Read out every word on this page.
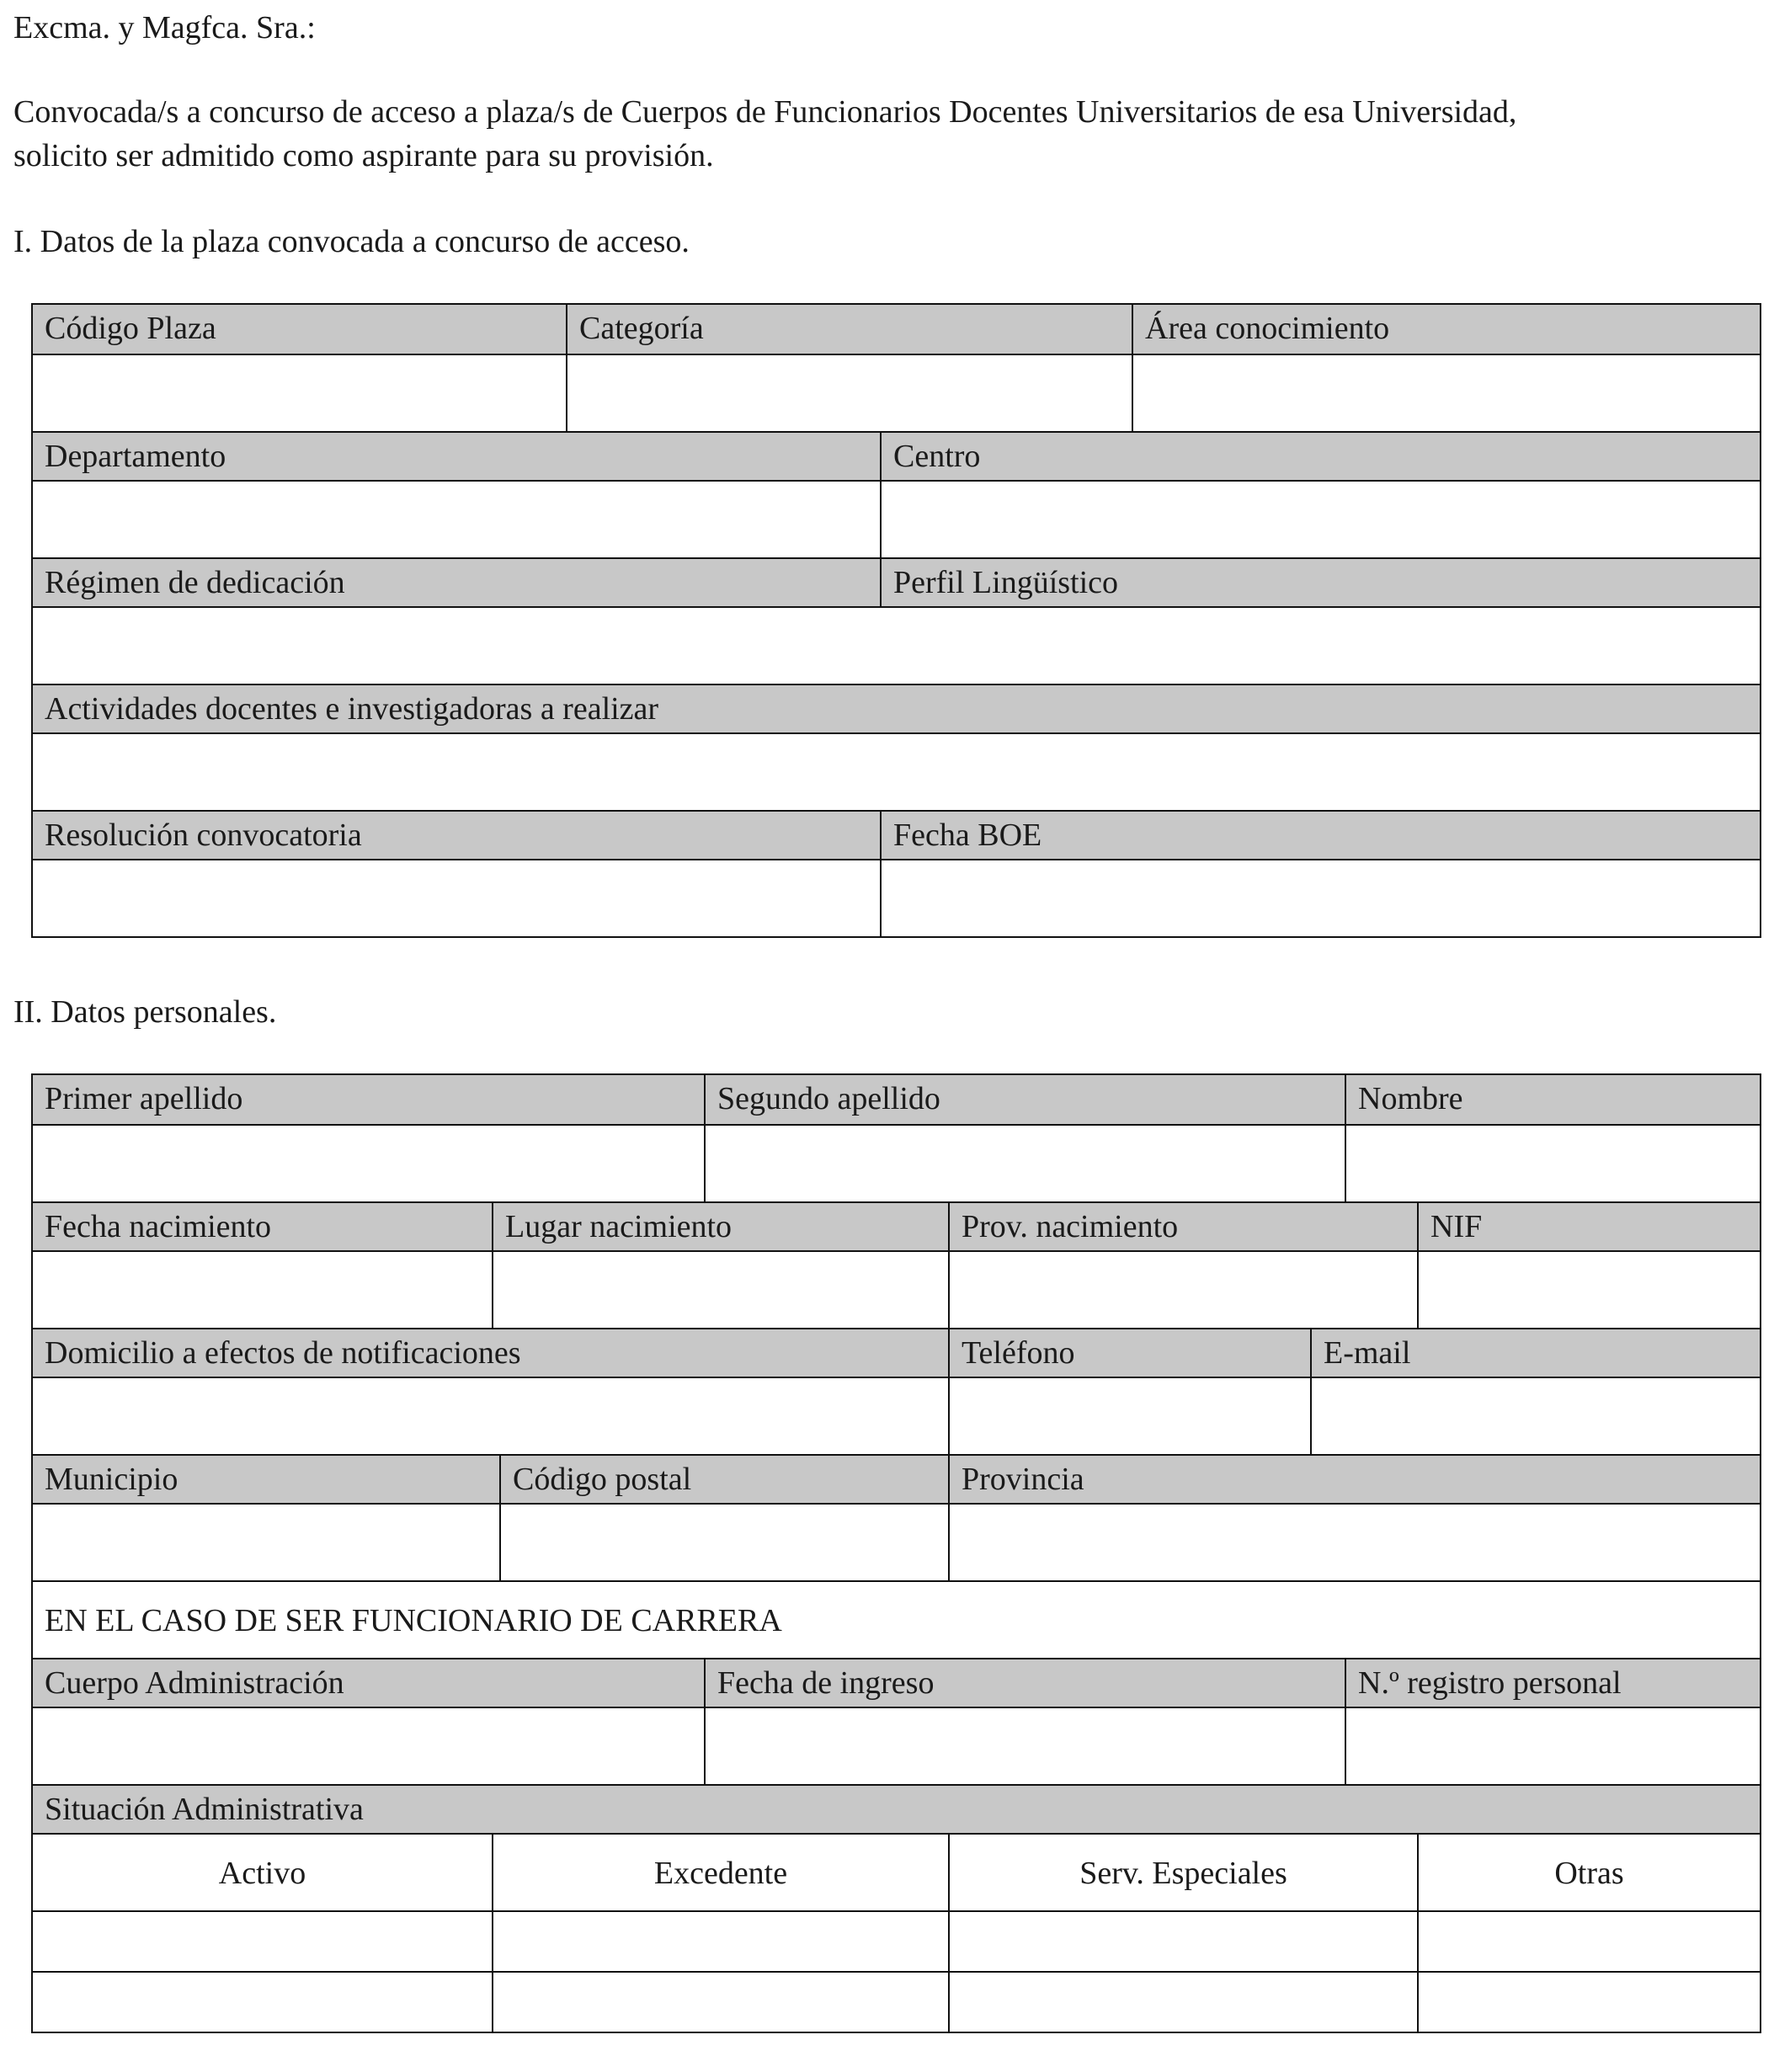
Excma. y Magfca. Sra.:
Convocada/s a concurso de acceso a plaza/s de Cuerpos de Funcionarios Docentes Universitarios de esa Universidad,
solicito ser admitido como aspirante para su provisión.
I. Datos de la plaza convocada a concurso de acceso.
Código Plaza	Categoría	Área conocimiento
Departamento	Centro
Régimen de dedicación	Perfil Lingüístico
Actividades docentes e investigadoras a realizar
Resolución convocatoria	Fecha BOE
II. Datos personales.
Primer apellido	Segundo apellido	Nombre
Fecha nacimiento	Lugar nacimiento	Prov. nacimiento	NIF
Domicilio a efectos de notificaciones	Teléfono	E-mail
Municipio	Código postal	Provincia
EN EL CASO DE SER FUNCIONARIO DE CARRERA
Cuerpo Administración	Fecha de ingreso	N.º registro personal
Situación Administrativa
Activo	Excedente	Serv. Especiales	Otras
